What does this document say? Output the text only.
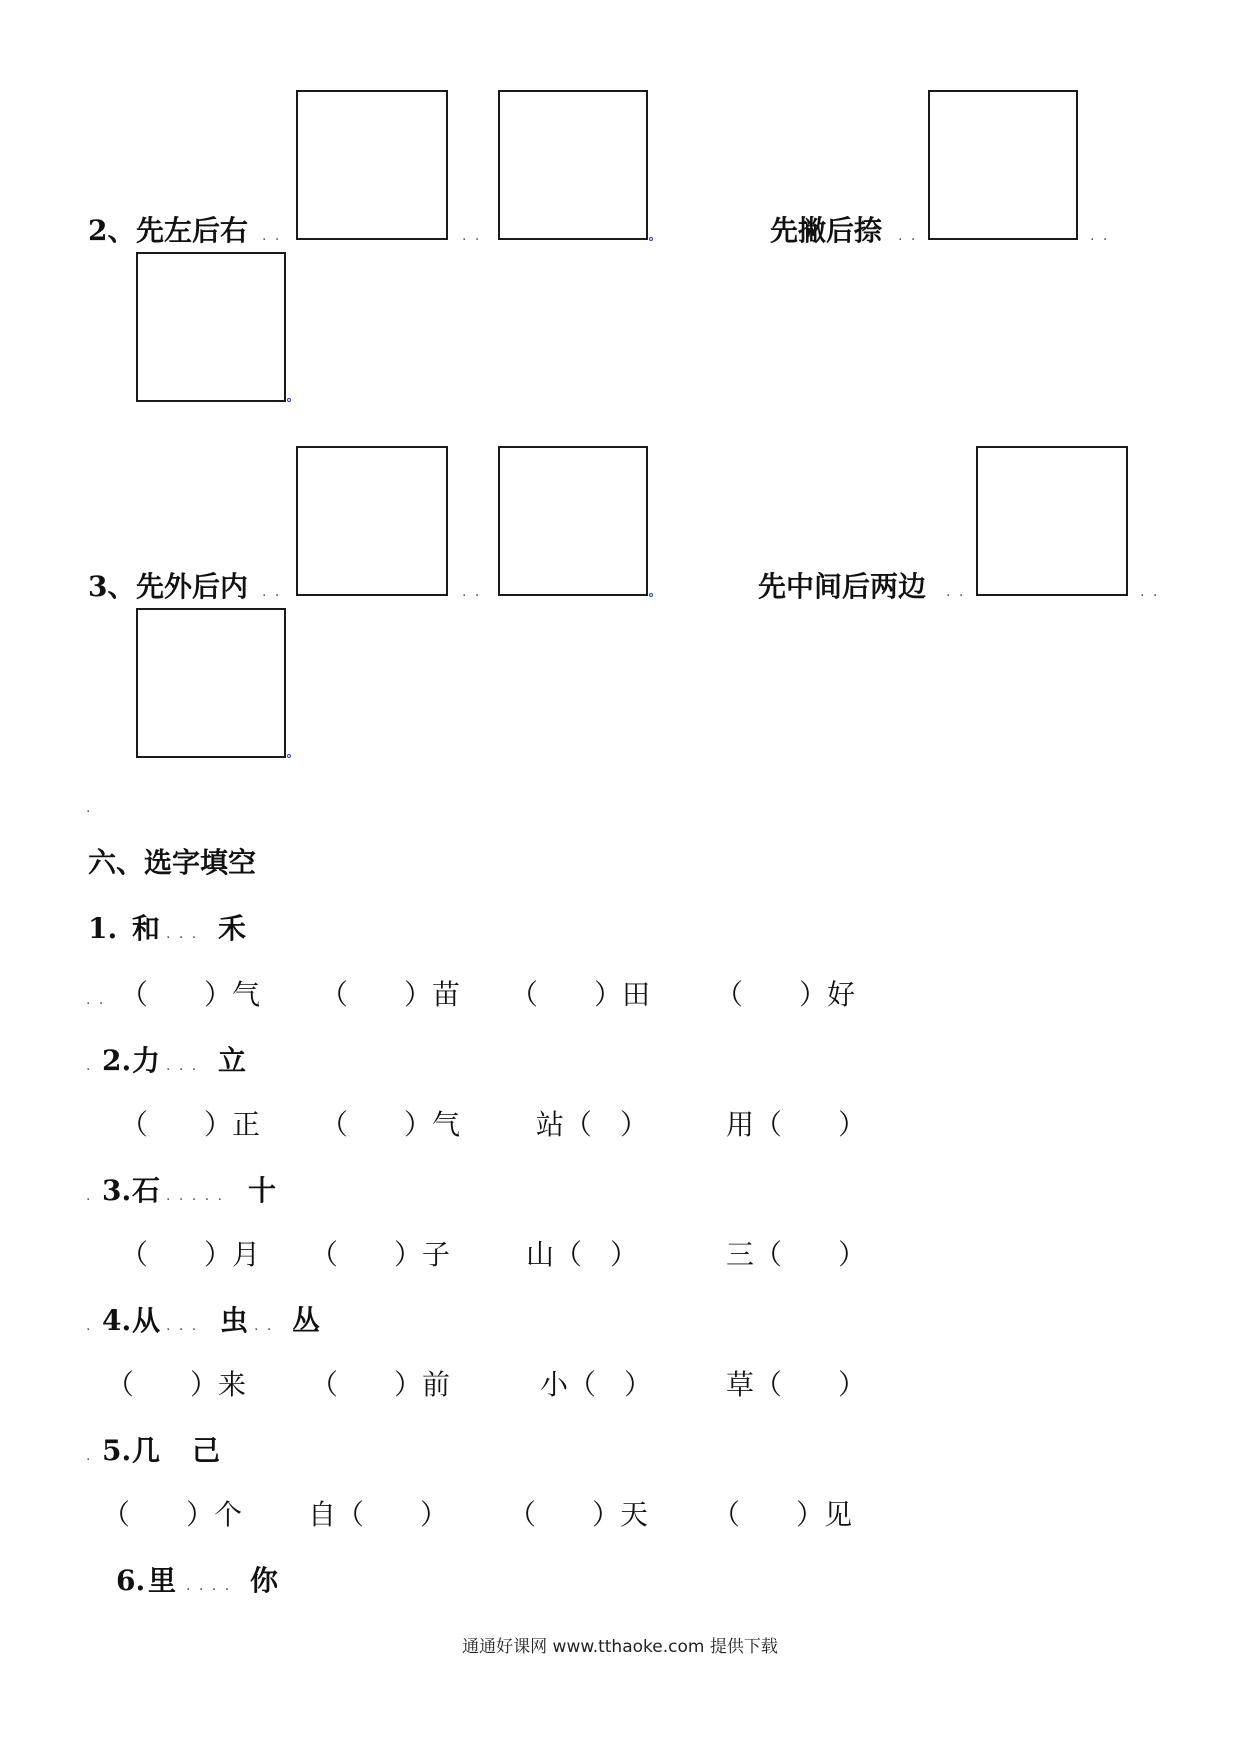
2、 先左后右 . .	. .	先撇后捺 . .	. .
3、 先外后内 . .	. .	先中间后两边 . .	. .
.
六、选字填空
1. 和 . . . 禾
. . （　　）气 （　　）苗 （　　）田 （　　）好
. 2. 力 . . . 立
（　　）正 （　　）气	站（　）	用（　　）
. 3. 石 . . . . . 十
（　　）月 （　　）子	山（　）	三（　　）
. 4. 从 . . . 虫 . . 丛
（　　）来 （　　）前	小（　）	草（　　）
. 5. 几 己
（　　）个 自（　　） （　　）天 （　　）见
6. 里 . . . . 你
通通好课网 www.tthaoke.com 提供下载
